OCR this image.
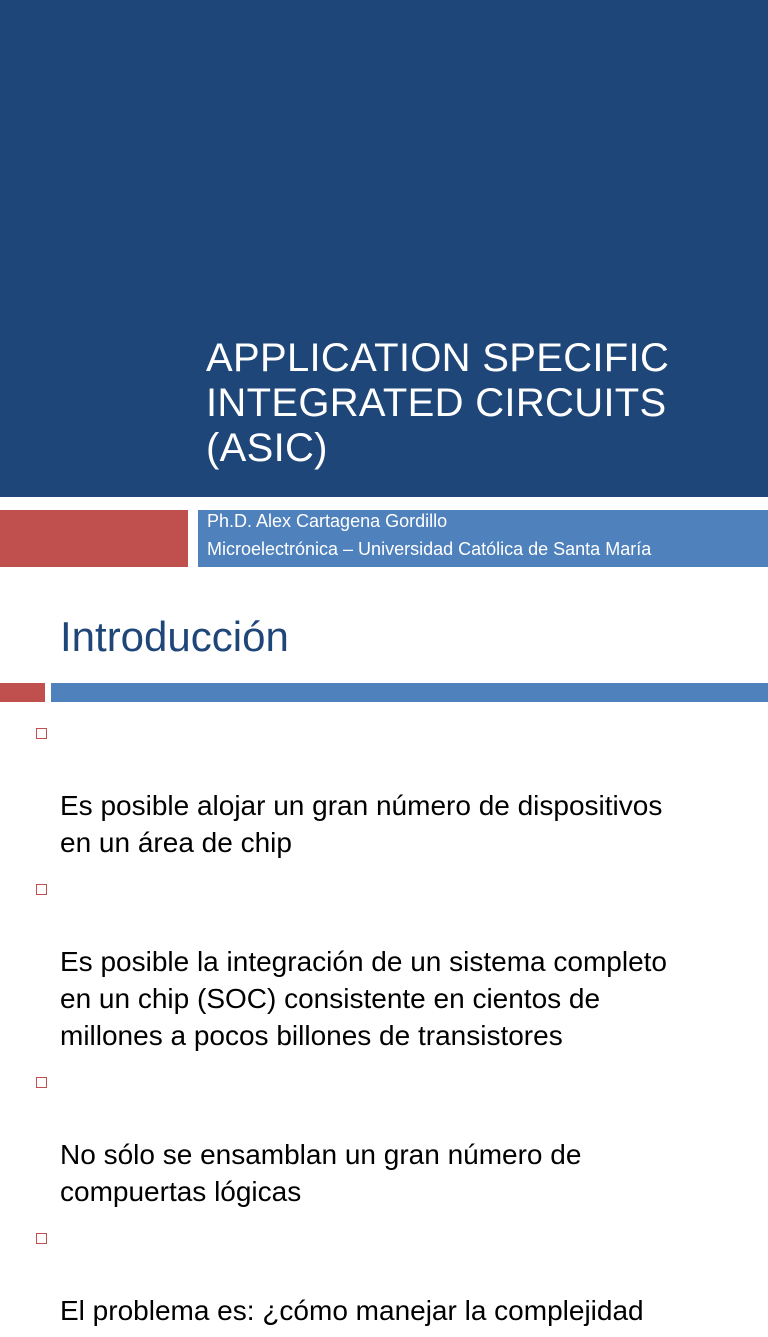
APPLICATION SPECIFIC
INTEGRATED CIRCUITS
(ASIC)
Ph.D. Alex Cartagena Gordillo
Microelectrónica – Universidad Católica de Santa María
Introducción

Es posible alojar un gran número de dispositivos
en un área de chip

Es posible la integración de un sistema completo
en un chip (SOC) consistente en cientos de
millones a pocos billones de transistores

No sólo se ensamblan un gran número de
compuertas lógicas

El problema es: ¿cómo manejar la complejidad
